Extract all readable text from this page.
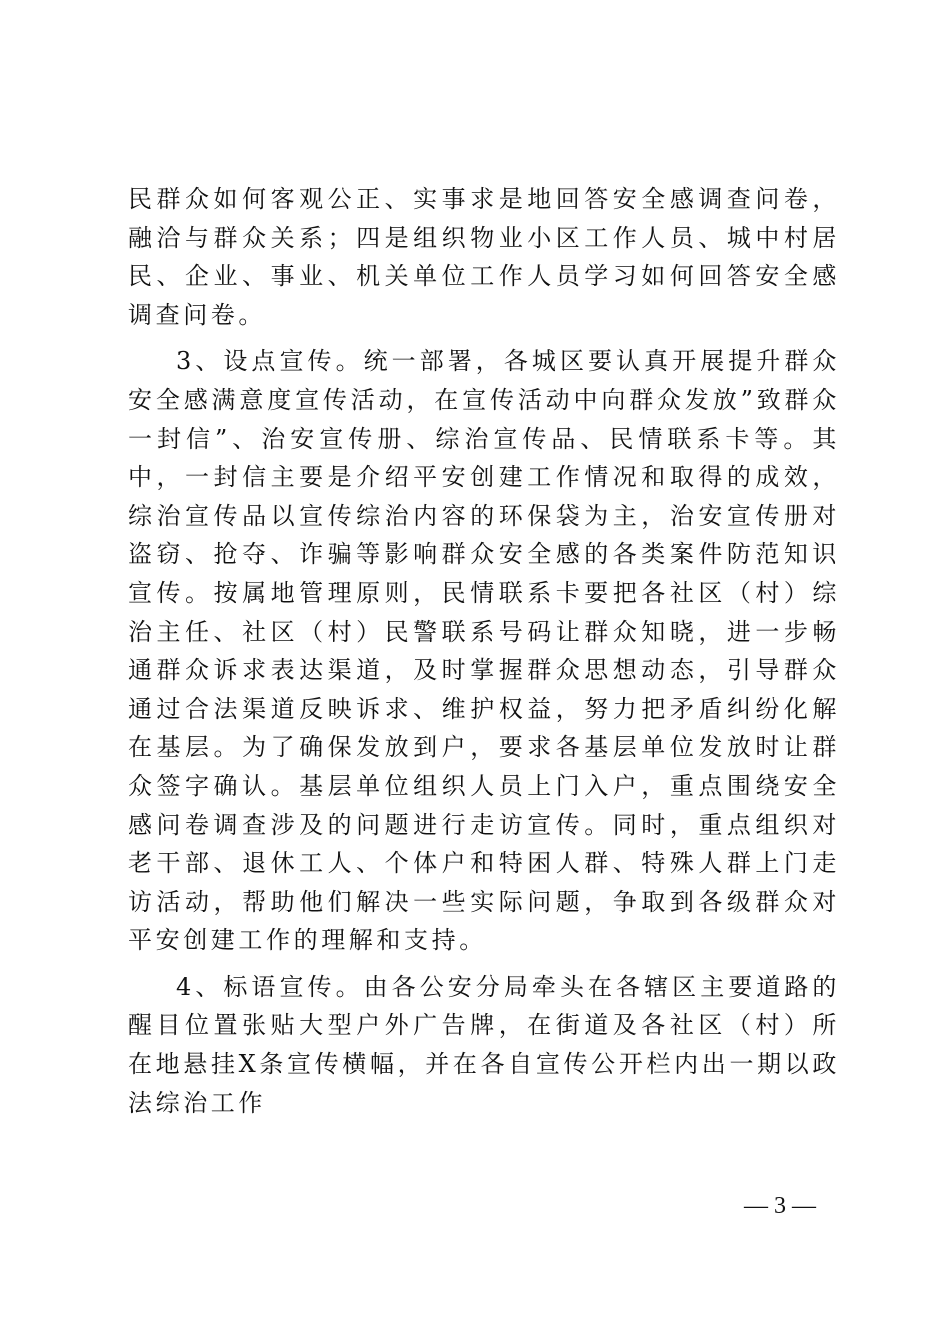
民群众如何客观公正、实事求是地回答安全感调查问卷，融洽与群众关系；四是组织物业小区工作人员、城中村居民、企业、事业、机关单位工作人员学习如何回答安全感调查问卷。

3、设点宣传。统一部署，各城区要认真开展提升群众安全感满意度宣传活动，在宣传活动中向群众发放”致群众一封信”、治安宣传册、综治宣传品、民情联系卡等。其中，一封信主要是介绍平安创建工作情况和取得的成效，综治宣传品以宣传综治内容的环保袋为主，治安宣传册对盗窃、抢夺、诈骗等影响群众安全感的各类案件防范知识宣传。按属地管理原则，民情联系卡要把各社区（村）综治主任、社区（村）民警联系号码让群众知晓，进一步畅通群众诉求表达渠道，及时掌握群众思想动态，引导群众通过合法渠道反映诉求、维护权益，努力把矛盾纠纷化解在基层。为了确保发放到户，要求各基层单位发放时让群众签字确认。基层单位组织人员上门入户，重点围绕安全感问卷调查涉及的问题进行走访宣传。同时，重点组织对老干部、退休工人、个体户和特困人群、特殊人群上门走访活动，帮助他们解决一些实际问题，争取到各级群众对平安创建工作的理解和支持。

4、标语宣传。由各公安分局牵头在各辖区主要道路的醒目位置张贴大型户外广告牌，在街道及各社区（村）所在地悬挂X条宣传横幅，并在各自宣传公开栏内出一期以政法综治工作

— 3 —
